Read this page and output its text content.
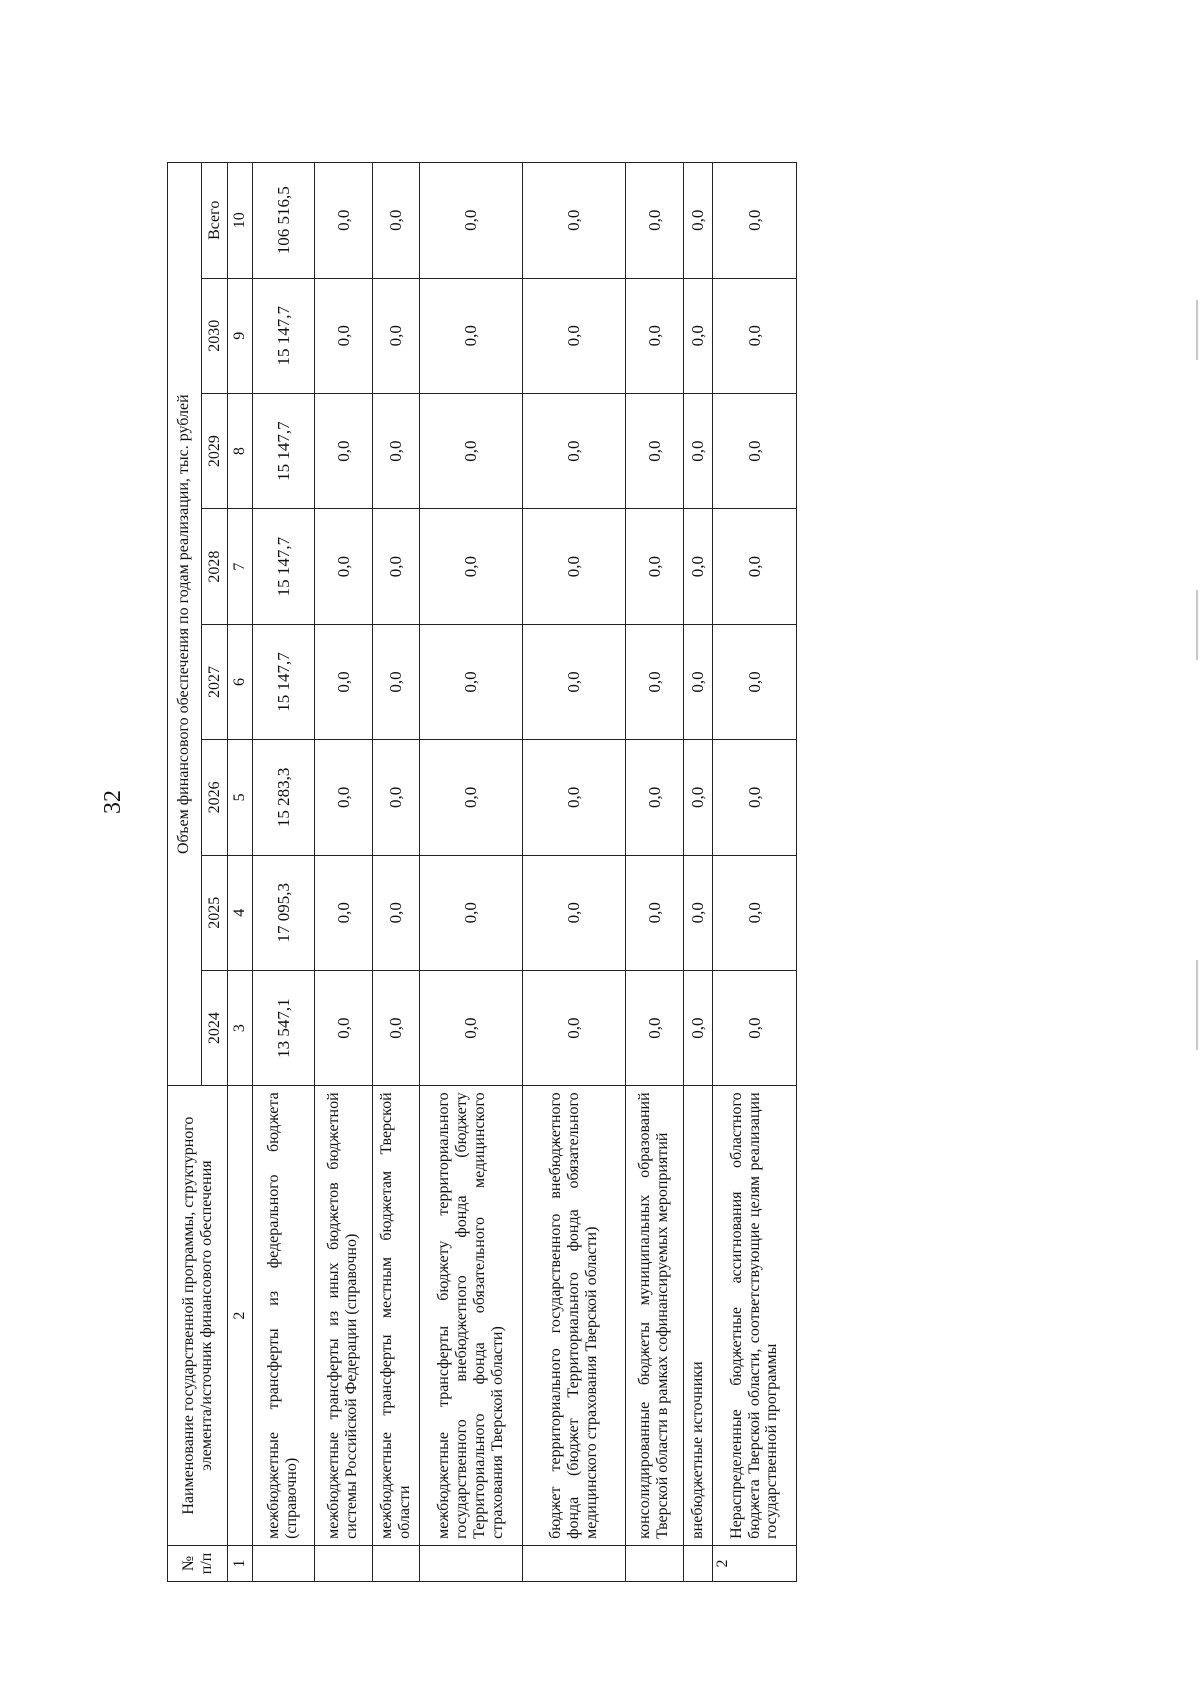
32
№ п/п	Наименование государственной программы, структурного элемента/источник финансового обеспечения	Объем финансового обеспечения по годам реализации, тыс. рублей							
		2024	2025	2026	2027	2028	2029	2030	Всего
1	2	3	4	5	6	7	8	9	10
	межбюджетные трансферты из федерального бюджета (справочно)	13 547,1	17 095,3	15 283,3	15 147,7	15 147,7	15 147,7	15 147,7	106 516,5
	межбюджетные трансферты из иных бюджетов бюджетной системы Российской Федерации (справочно)	0,0	0,0	0,0	0,0	0,0	0,0	0,0	0,0
	межбюджетные трансферты местным бюджетам Тверской области	0,0	0,0	0,0	0,0	0,0	0,0	0,0	0,0
	межбюджетные трансферты бюджету территориального государственного внебюджетного фонда (бюджету Территориального фонда обязательного медицинского страхования Тверской области)	0,0	0,0	0,0	0,0	0,0	0,0	0,0	0,0
	бюджет территориального государственного внебюджетного фонда (бюджет Территориального фонда обязательного медицинского страхования Тверской области)	0,0	0,0	0,0	0,0	0,0	0,0	0,0	0,0
	консолидированные бюджеты муниципальных образований Тверской области в рамках софинансируемых мероприятий	0,0	0,0	0,0	0,0	0,0	0,0	0,0	0,0
	внебюджетные источники	0,0	0,0	0,0	0,0	0,0	0,0	0,0	0,0
2	Нераспределенные бюджетные ассигнования областного бюджета Тверской области, соответствующие целям реализации государственной программы	0,0	0,0	0,0	0,0	0,0	0,0	0,0	0,0
